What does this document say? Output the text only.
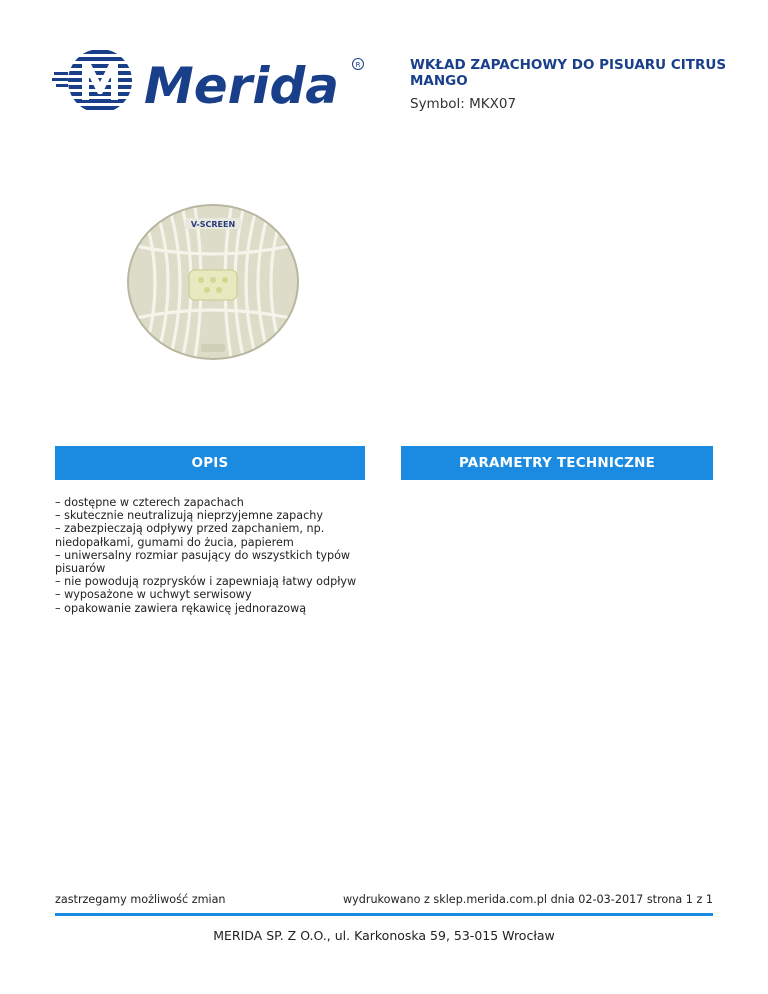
Merida R	WKŁAD ZAPACHOWY DO PISUARU CITRUS MANGO
Symbol: MKX07
V-SCREEN
OPIS	PARAMETRY TECHNICZNE
– dostępne w czterech zapachach
– skutecznie neutralizują nieprzyjemne zapachy
– zabezpieczają odpływy przed zapchaniem, np. niedopałkami, gumami do żucia, papierem
– uniwersalny rozmiar pasujący do wszystkich typów pisuarów
– nie powodują rozprysków i zapewniają łatwy odpływ
– wyposażone w uchwyt serwisowy
– opakowanie zawiera rękawicę jednorazową
zastrzegamy możliwość zmian	wydrukowano z sklep.merida.com.pl dnia 02-03-2017 strona 1 z 1
MERIDA SP. Z O.O., ul. Karkonoska 59, 53-015 Wrocław
